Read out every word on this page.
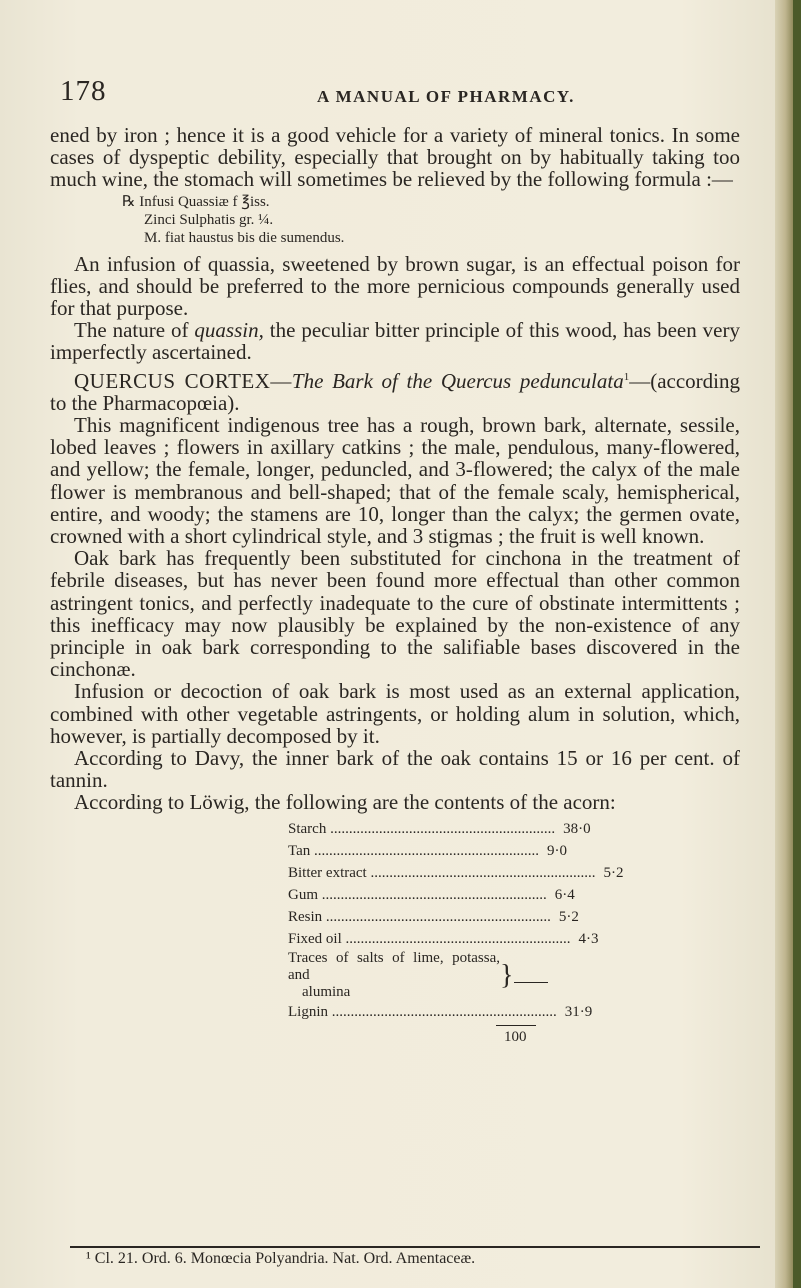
178	A MANUAL OF PHARMACY.

ened by iron ; hence it is a good vehicle for a variety of mineral tonics. In some cases of dyspeptic debility, especially that brought on by habitually taking too much wine, the stomach will sometimes be relieved by the following formula :—

℞ Infusi Quassiæ f ℥iss.
Zinci Sulphatis gr. ¼.
M. fiat haustus bis die sumendus.

An infusion of quassia, sweetened by brown sugar, is an effectual poison for flies, and should be preferred to the more pernicious compounds generally used for that purpose.

The nature of quassin, the peculiar bitter principle of this wood, has been very imperfectly ascertained.

QUERCUS CORTEX—The Bark of the Quercus pedunculata$^1$—(according to the Pharmacopœia).

This magnificent indigenous tree has a rough, brown bark, alternate, sessile, lobed leaves ; flowers in axillary catkins ; the male, pendulous, many-flowered, and yellow; the female, longer, peduncled, and 3-flowered; the calyx of the male flower is membranous and bell-shaped; that of the female scaly, hemispherical, entire, and woody; the stamens are 10, longer than the calyx; the germen ovate, crowned with a short cylindrical style, and 3 stigmas ; the fruit is well known.

Oak bark has frequently been substituted for cinchona in the treatment of febrile diseases, but has never been found more effectual than other common astringent tonics, and perfectly inadequate to the cure of obstinate intermittents ; this inefficacy may now plausibly be explained by the non-existence of any principle in oak bark corresponding to the salifiable bases discovered in the cinchonæ.

Infusion or decoction of oak bark is most used as an external application, combined with other vegetable astringents, or holding alum in solution, which, however, is partially decomposed by it.

According to Davy, the inner bark of the oak contains 15 or 16 per cent. of tannin.

According to Löwig, the following are the contents of the acorn:

Starch ............................................................ 38·0
Tan ............................................................ 9·0
Bitter extract ............................................................ 5·2
Gum ............................................................ 6·4
Resin ............................................................ 5·2
Fixed oil ............................................................ 4·3
Traces of salts of lime, potassa, and
alumina
}
Lignin ............................................................ 31·9
100
¹ Cl. 21. Ord. 6. Monœcia Polyandria. Nat. Ord. Amentaceæ.
